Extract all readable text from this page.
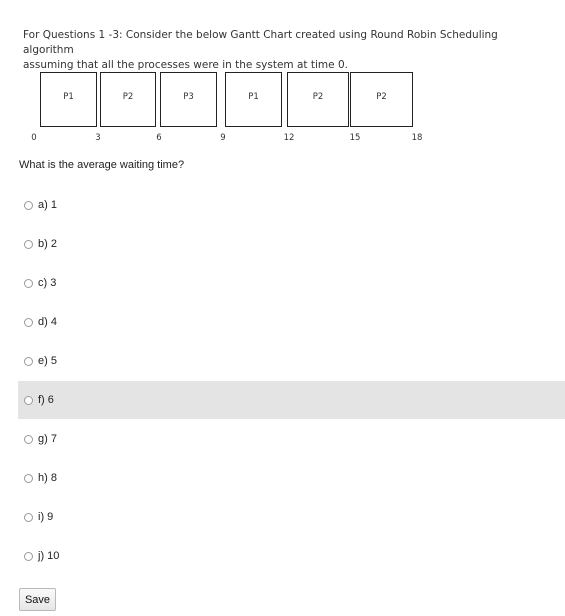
For Questions 1 -3: Consider the below Gantt Chart created using Round Robin Scheduling algorithm
assuming that all the processes were in the system at time 0.
P1	P2	P3	P1	P2	P2
0	3	6	9	12	15	18
What is the average waiting time?
a) 1
b) 2
c) 3
d) 4
e) 5
f) 6
g) 7
h) 8
i) 9
j) 10
Save
